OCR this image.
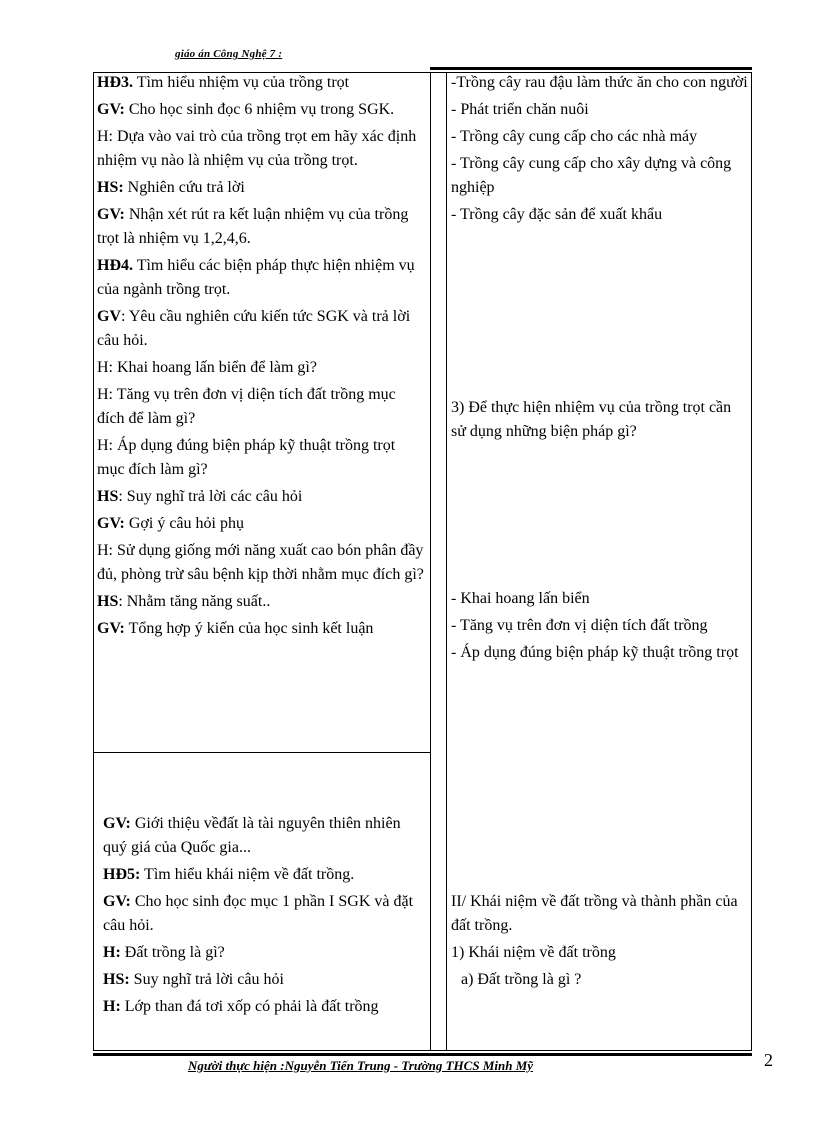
giáo án Công Nghệ 7 :

HĐ3. Tìm hiểu nhiệm vụ của trồng trọt

GV: Cho học sinh đọc 6 nhiệm vụ trong SGK.

H: Dựa vào vai trò của trồng trọt em hãy xác định nhiệm vụ nào là nhiệm vụ của trồng trọt.

HS: Nghiên cứu trả lời

GV: Nhận xét rút ra kết luận nhiệm vụ của trồng trọt là nhiệm vụ 1,2,4,6.

HĐ4. Tìm hiểu các biện pháp thực hiện nhiệm vụ của ngành trồng trọt.

GV: Yêu cầu nghiên cứu kiến tức SGK và trả lời câu hỏi.

H: Khai hoang lấn biển để làm gì?

H: Tăng vụ trên đơn vị diện tích đất trồng mục đích để làm gì?

H: Áp dụng đúng biện pháp kỹ thuật trồng trọt mục đích làm gì?

HS: Suy nghĩ trả lời các câu hỏi

GV: Gợi ý câu hỏi phụ

H: Sử dụng giống mới năng xuất cao bón phân đầy đủ, phòng trừ sâu bệnh kịp thời nhằm mục đích gì?

HS: Nhằm tăng năng suất..

GV: Tổng hợp ý kiến của học sinh kết luận

GV: Giới thiệu vềđất là tài nguyên thiên nhiên quý giá của Quốc gia...

HĐ5: Tìm hiểu khái niệm về đất trồng.

GV: Cho học sinh đọc mục 1 phần I SGK và đặt câu hỏi.

H: Đất trồng là gì?

HS: Suy nghĩ trả lời câu hỏi

H: Lớp than đá tơi xốp có phải là đất trồng

-Trồng cây rau đậu làm thức ăn cho con người

- Phát triển chăn nuôi

- Trồng cây cung cấp cho các nhà máy

- Trồng cây cung cấp cho xây dựng và công nghiệp

- Trồng cây đặc sản để xuất khẩu

3) Để thực hiện nhiệm vụ của trồng trọt cần sử dụng những biện pháp gì?

- Khai hoang lấn biển

- Tăng vụ trên đơn vị diện tích đất trồng

- Áp dụng đúng biện pháp kỹ thuật trồng trọt

II/ Khái niệm về đất trồng và thành phần của đất trồng.

1) Khái niệm về đất trồng

a) Đất trồng là gì ?

Người thực hiện :Nguyễn Tiến Trung - Trường THCS Minh Mỹ	2
